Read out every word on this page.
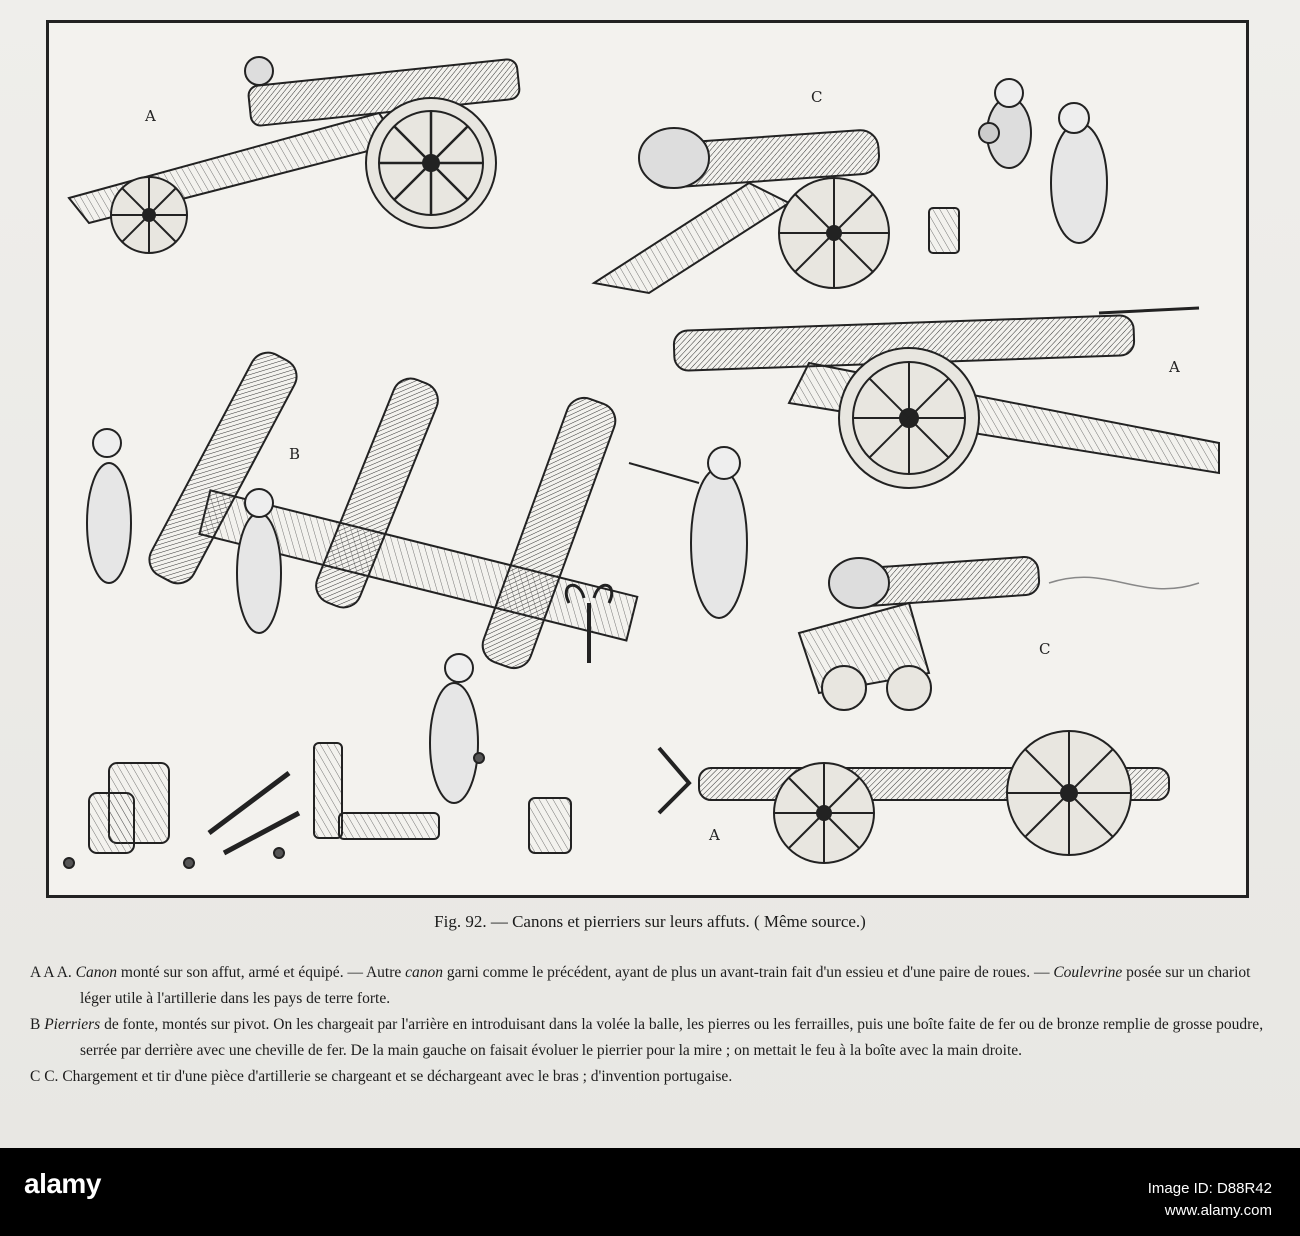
A
C
A
B
C
A
Fig. 92. — Canons et pierriers sur leurs affuts. ( Même source.)
A A A. Canon monté sur son affut, armé et équipé. — Autre canon garni comme le précédent, ayant de plus un avant-train fait d'un essieu et d'une paire de roues. — Coulevrine posée sur un chariot léger utile à l'artillerie dans les pays de terre forte.
B Pierriers de fonte, montés sur pivot. On les chargeait par l'arrière en introduisant dans la volée la balle, les pierres ou les ferrailles, puis une boîte faite de fer ou de bronze remplie de grosse poudre, serrée par derrière avec une cheville de fer. De la main gauche on faisait évoluer le pierrier pour la mire ; on mettait le feu à la boîte avec la main droite.
C C. Chargement et tir d'une pièce d'artillerie se chargeant et se déchargeant avec le bras ; d'invention portugaise.
alamy	Image ID: D88R42
www.alamy.com
